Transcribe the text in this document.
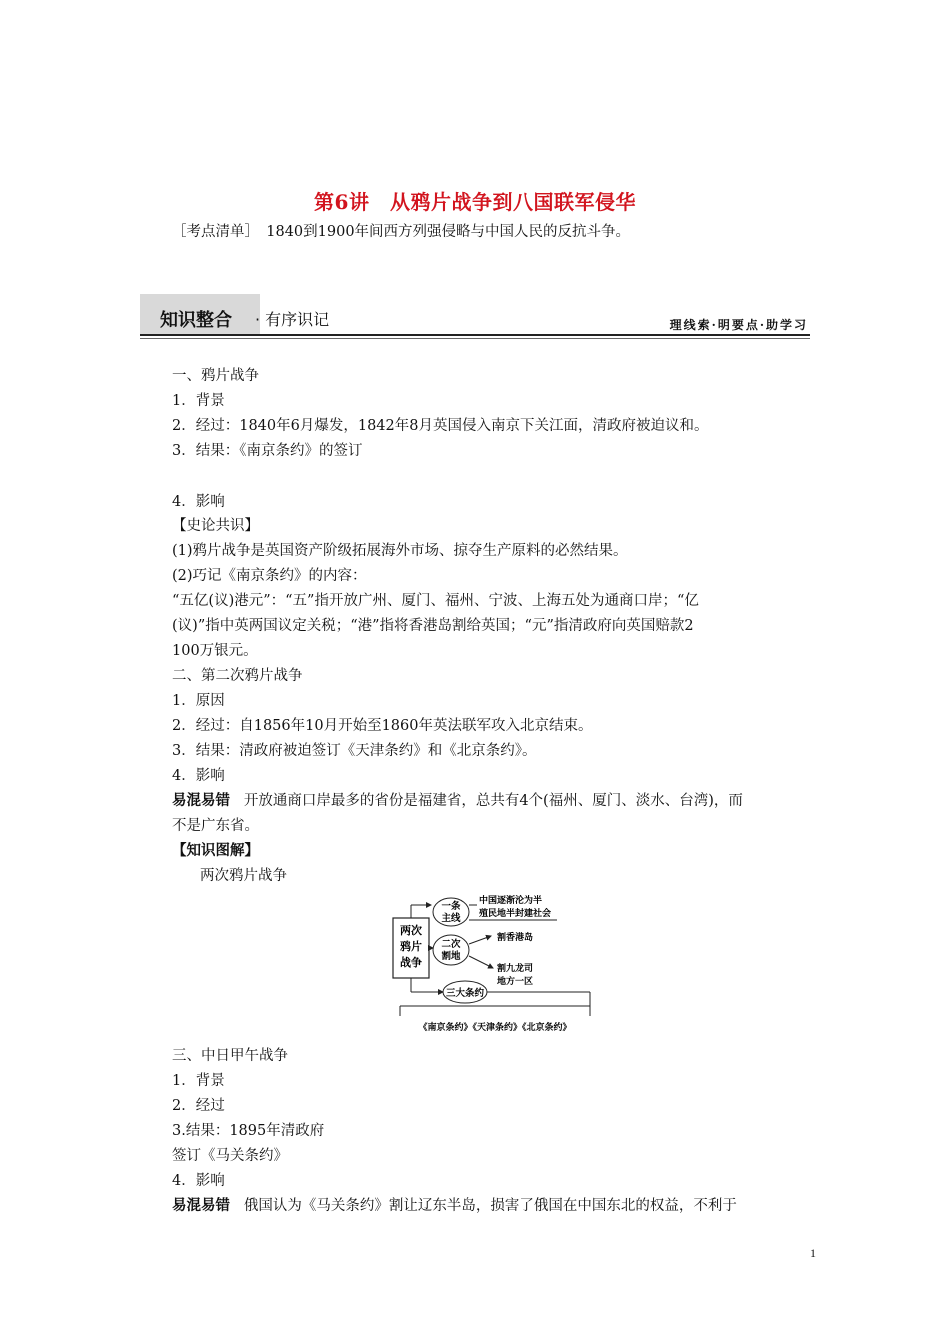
第6讲　从鸦片战争到八国联军侵华
［考点清单］　1840到1900年间西方列强侵略与中国人民的反抗斗争。
知识整合 · 有序识记	理线索·明要点·助学习
一、鸦片战争
1．背景
2．经过：1840年6月爆发，1842年8月英国侵入南京下关江面，清政府被迫议和。
3．结果：《南京条约》的签订
4．影响
【史论共识】
(1)鸦片战争是英国资产阶级拓展海外市场、掠夺生产原料的必然结果。
(2)巧记《南京条约》的内容：
“五亿(议)港元”：“五”指开放广州、厦门、福州、宁波、上海五处为通商口岸；“亿
(议)”指中英两国议定关税；“港”指将香港岛割给英国；“元”指清政府向英国赔款2
100万银元。
二、第二次鸦片战争
1．原因
2．经过：自1856年10月开始至1860年英法联军攻入北京结束。
3．结果：清政府被迫签订《天津条约》和《北京条约》。
4．影响
易混易错 开放通商口岸最多的省份是福建省，总共有4个(福州、厦门、淡水、台湾)，而
不是广东省。
【知识图解】
两次鸦片战争
两次
鸦片
战争
一条
主线
中国逐渐沦为半
殖民地半封建社会
二次
割地
割香港岛
割九龙司
地方一区
三大条约
《南京条约》《天津条约》《北京条约》
三、中日甲午战争
1．背景
2．经过
3.结果：1895年清政府
签订《马关条约》
4．影响
易混易错 俄国认为《马关条约》割让辽东半岛，损害了俄国在中国东北的权益，不利于
1
